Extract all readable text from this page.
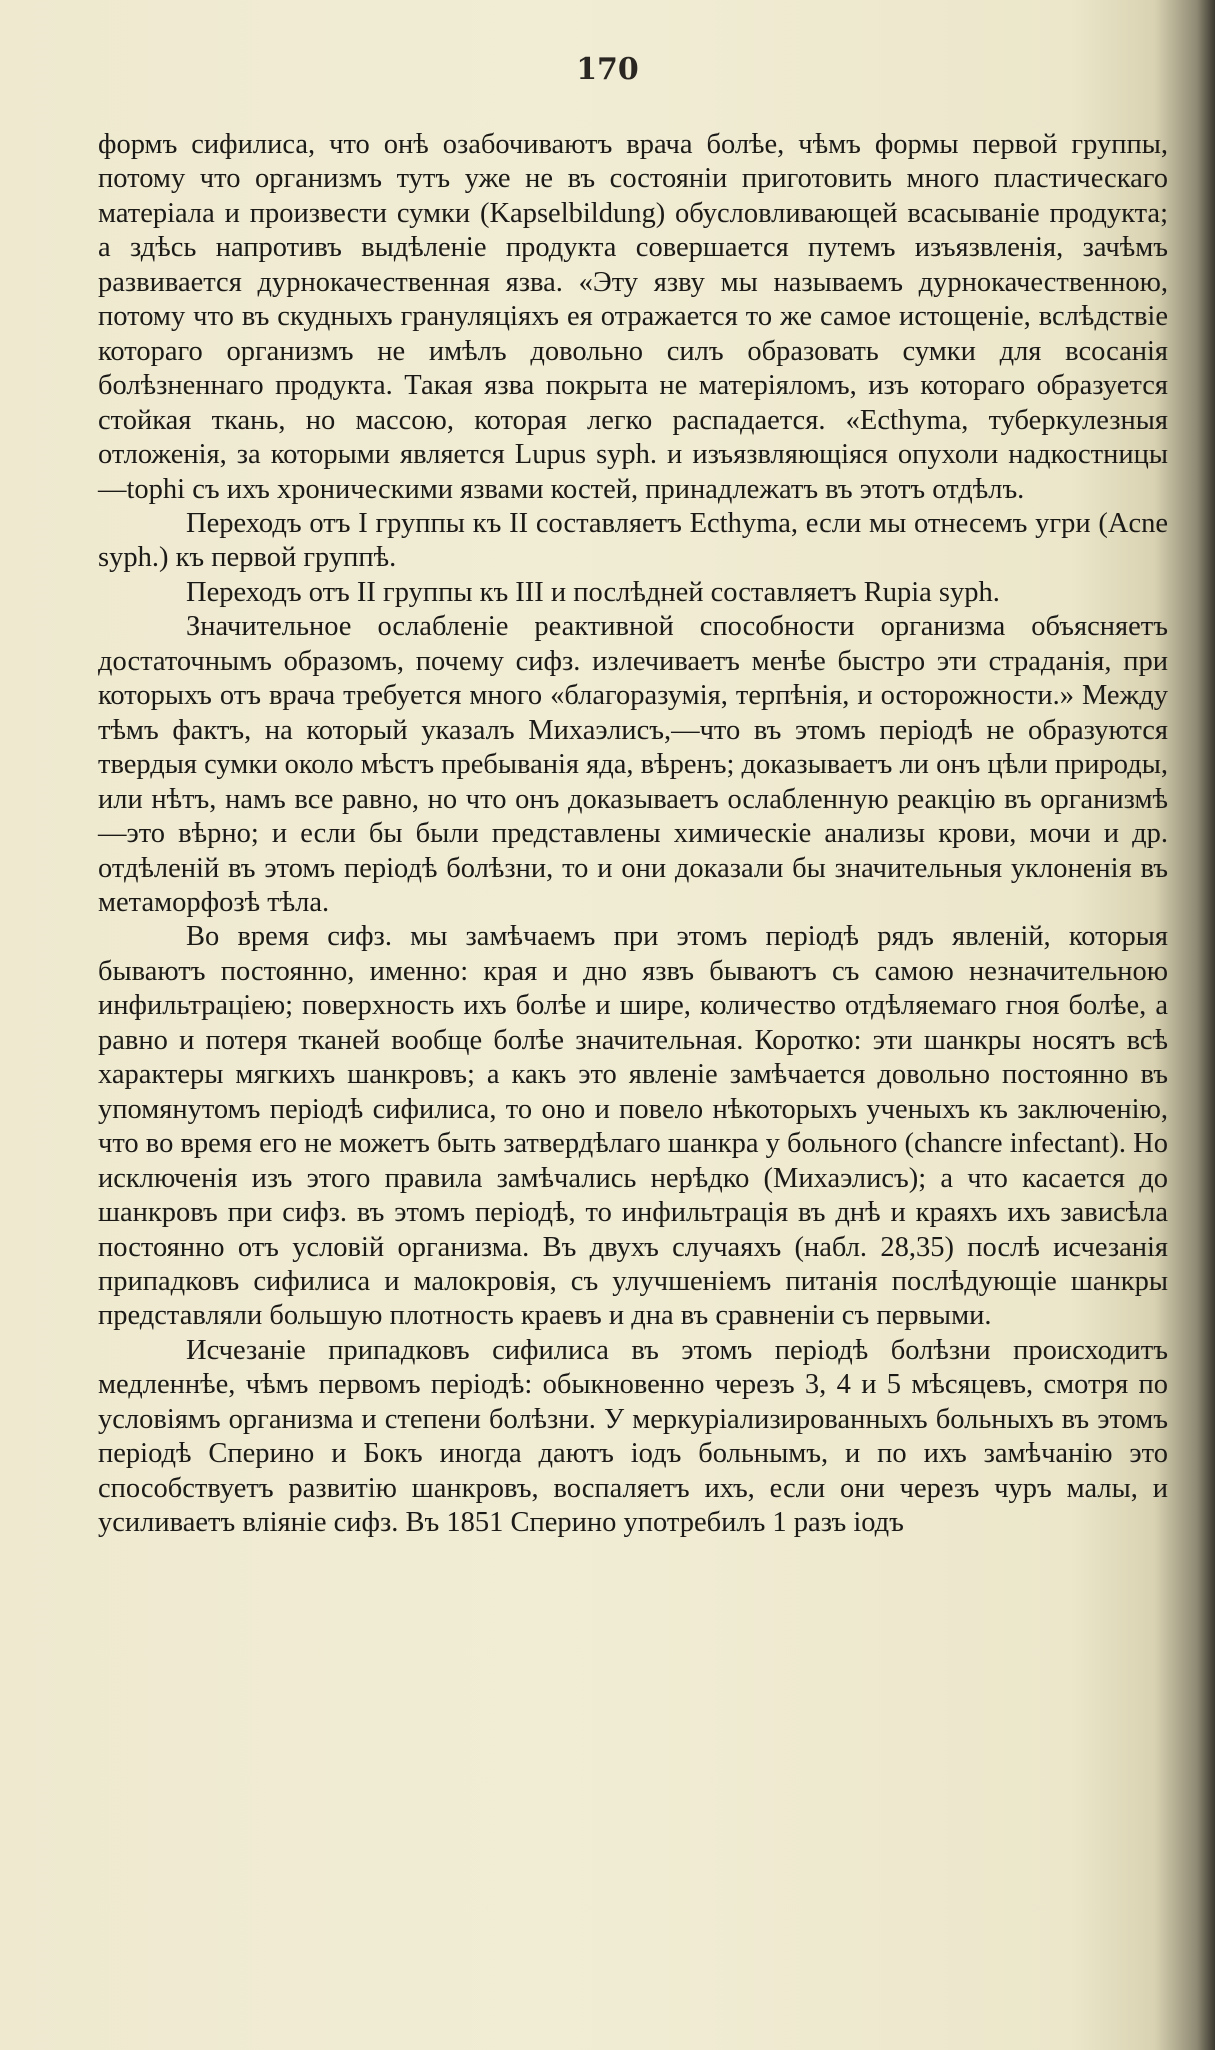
170

формъ сифилиса, что онѣ озабочиваютъ врача болѣе, чѣмъ формы первой группы, потому что организмъ тутъ уже не въ состоянiи приготовить много пластическаго матерiала и произвести сумки (Kapselbildung) обусловливающей всасыванiе продукта; а здѣсь напротивъ выдѣленiе продукта совершается путемъ изъязвленiя, зачѣмъ развивается дурнокачественная язва. «Эту язву мы называемъ дурнокачественною, потому что въ скудныхъ грануляцiяхъ ея отражается то же самое истощенiе, вслѣдствiе котораго организмъ не имѣлъ довольно силъ образовать сумки для всосанiя болѣзненнаго продукта. Такая язва покрыта не матерiяломъ, изъ котораго образуется стойкая ткань, но массою, которая легко распадается. «Ecthyma, туберкулезныя отложенiя, за которыми является Lupus syph. и изъязвляющiяся опухоли надкостницы—tophi съ ихъ хроническими язвами костей, принадлежатъ въ этотъ отдѣлъ.

Переходъ отъ I группы къ II составляетъ Ecthyma, если мы отнесемъ угри (Acne syph.) къ первой группѣ.

Переходъ отъ II группы къ III и послѣдней составляетъ Rupia syph.

Значительное ослабленiе реактивной способности организма объясняетъ достаточнымъ образомъ, почему сифз. излечиваетъ менѣе быстро эти страданiя, при которыхъ отъ врача требуется много «благоразумiя, терпѣнiя, и осторожности.» Между тѣмъ фактъ, на который указалъ Михаэлисъ,—что въ этомъ перiодѣ не образуются твердыя сумки около мѣстъ пребыванiя яда, вѣренъ; доказываетъ ли онъ цѣли природы, или нѣтъ, намъ все равно, но что онъ доказываетъ ослабленную реакцiю въ организмѣ—это вѣрно; и если бы были представлены химическiе анализы крови, мочи и др. отдѣленiй въ этомъ перiодѣ болѣзни, то и они доказали бы значительныя уклоненiя въ метаморфозѣ тѣла.

Во время сифз. мы замѣчаемъ при этомъ перiодѣ рядъ явленiй, которыя бываютъ постоянно, именно: края и дно язвъ бываютъ съ самою незначительною инфильтрацiею; поверхность ихъ болѣе и шире, количество отдѣляемаго гноя болѣе, а равно и потеря тканей вообще болѣе значительная. Коротко: эти шанкры носятъ всѣ характеры мягкихъ шанкровъ; а какъ это явленiе замѣчается довольно постоянно въ упомянутомъ перiодѣ сифилиса, то оно и повело нѣкоторыхъ ученыхъ къ заключенiю, что во время его не можетъ быть затвердѣлаго шанкра у больного (chancre infectant). Но исключенiя изъ этого правила замѣчались нерѣдко (Михаэлисъ); а что касается до шанкровъ при сифз. въ этомъ перiодѣ, то инфильтрацiя въ днѣ и краяхъ ихъ зависѣла постоянно отъ условiй организма. Въ двухъ случаяхъ (набл. 28,35) послѣ исчезанiя припадковъ сифилиса и малокровiя, съ улучшенiемъ питанiя послѣдующiе шанкры представляли большую плотность краевъ и дна въ сравненiи съ первыми.

Исчезанiе припадковъ сифилиса въ этомъ перiодѣ болѣзни происходитъ медленнѣе, чѣмъ первомъ перiодѣ: обыкновенно черезъ 3, 4 и 5 мѣсяцевъ, смотря по условiямъ организма и степени болѣзни. У меркурiализированныхъ больныхъ въ этомъ перiодѣ Сперино и Бокъ иногда даютъ iодъ больнымъ, и по ихъ замѣчанiю это способствуетъ развитiю шанкровъ, воспаляетъ ихъ, если они черезъ чуръ малы, и усиливаетъ влiянiе сифз. Въ 1851 Сперино употребилъ 1 разъ iодъ
